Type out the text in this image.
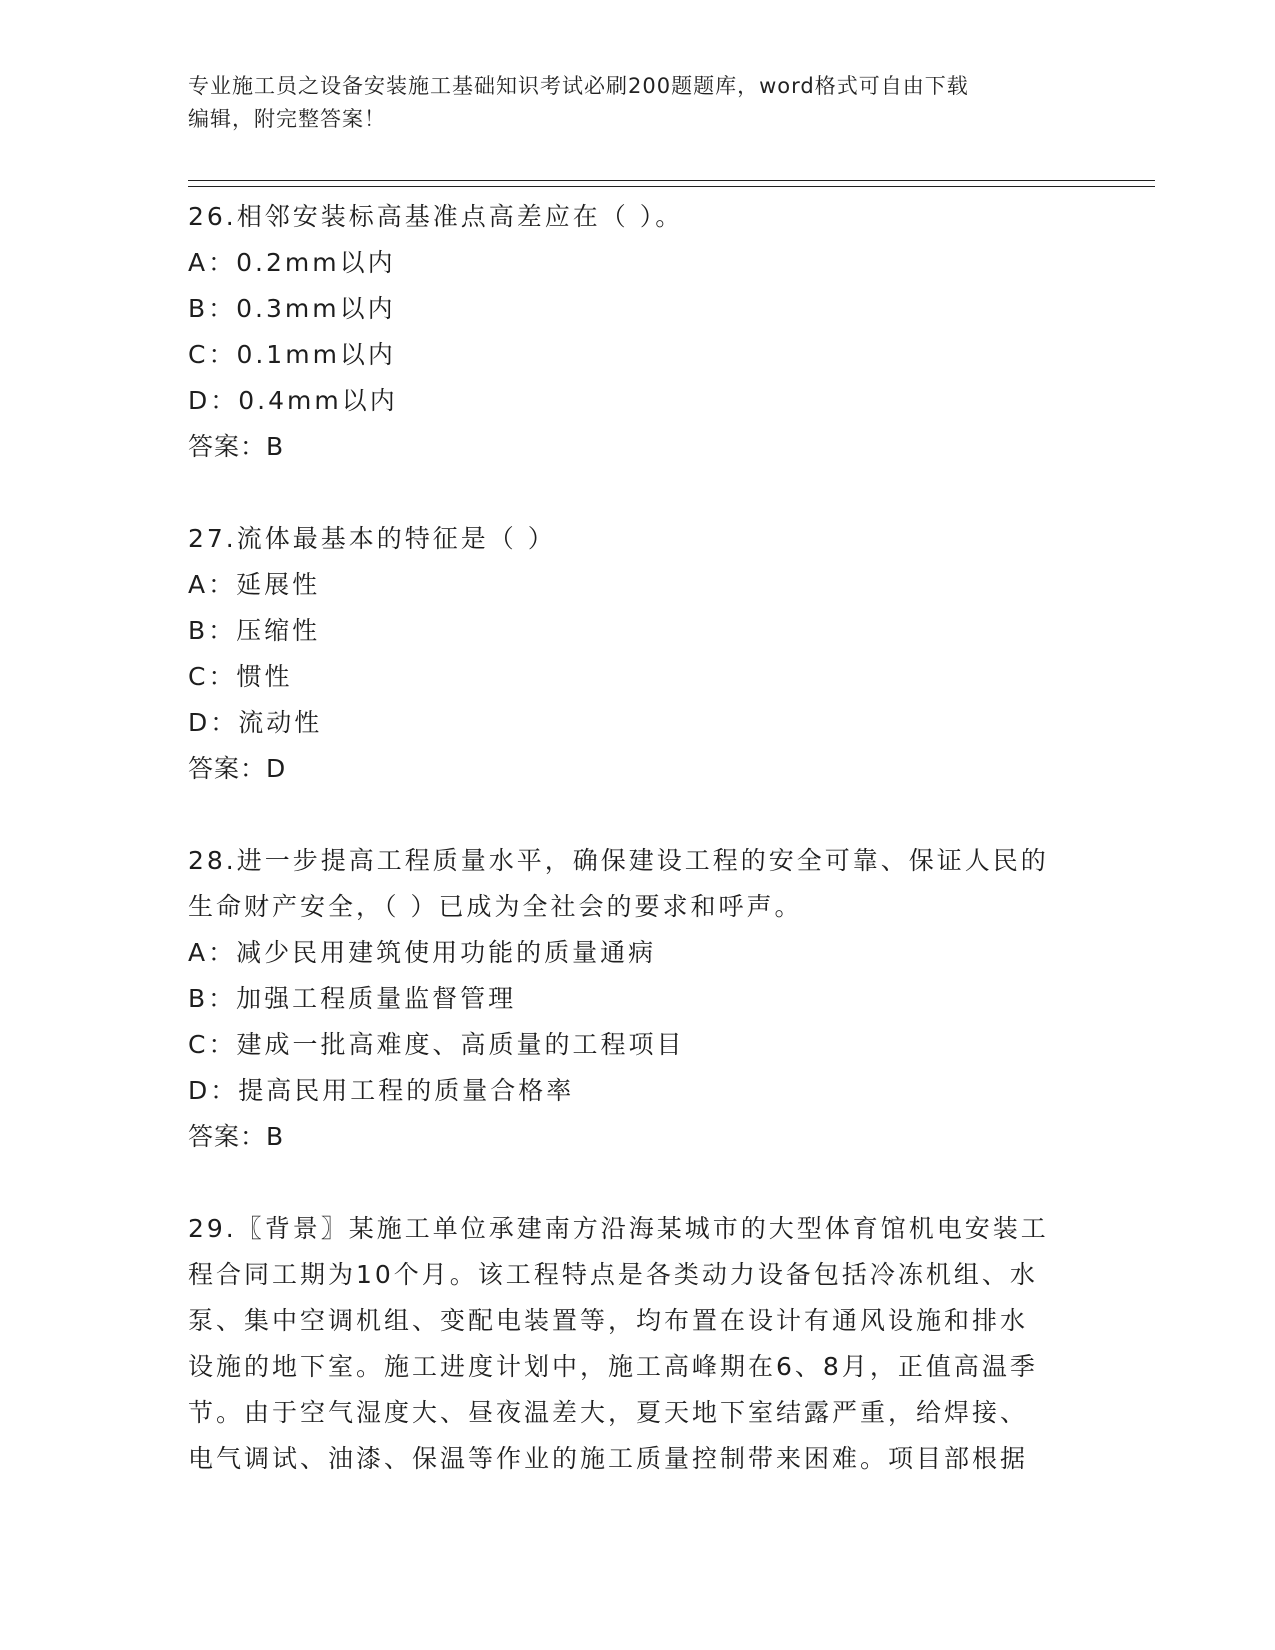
专业施工员之设备安装施工基础知识考试必刷200题题库，word格式可自由下载
编辑，附完整答案！
26.相邻安装标高基准点高差应在（ ）。
A：0.2mm以内
B：0.3mm以内
C：0.1mm以内
D：0.4mm以内
答案：B
27.流体最基本的特征是（ ）
A：延展性
B：压缩性
C：惯性
D：流动性
答案：D
28.进一步提高工程质量水平，确保建设工程的安全可靠、保证人民的
生命财产安全，（ ）已成为全社会的要求和呼声。
A：减少民用建筑使用功能的质量通病
B：加强工程质量监督管理
C：建成一批高难度、高质量的工程项目
D：提高民用工程的质量合格率
答案：B
29.〖背景〗某施工单位承建南方沿海某城市的大型体育馆机电安装工
程合同工期为10个月。该工程特点是各类动力设备包括冷冻机组、水
泵、集中空调机组、变配电装置等，均布置在设计有通风设施和排水
设施的地下室。施工进度计划中，施工高峰期在6、8月，正值高温季
节。由于空气湿度大、昼夜温差大，夏天地下室结露严重，给焊接、
电气调试、油漆、保温等作业的施工质量控制带来困难。项目部根据
